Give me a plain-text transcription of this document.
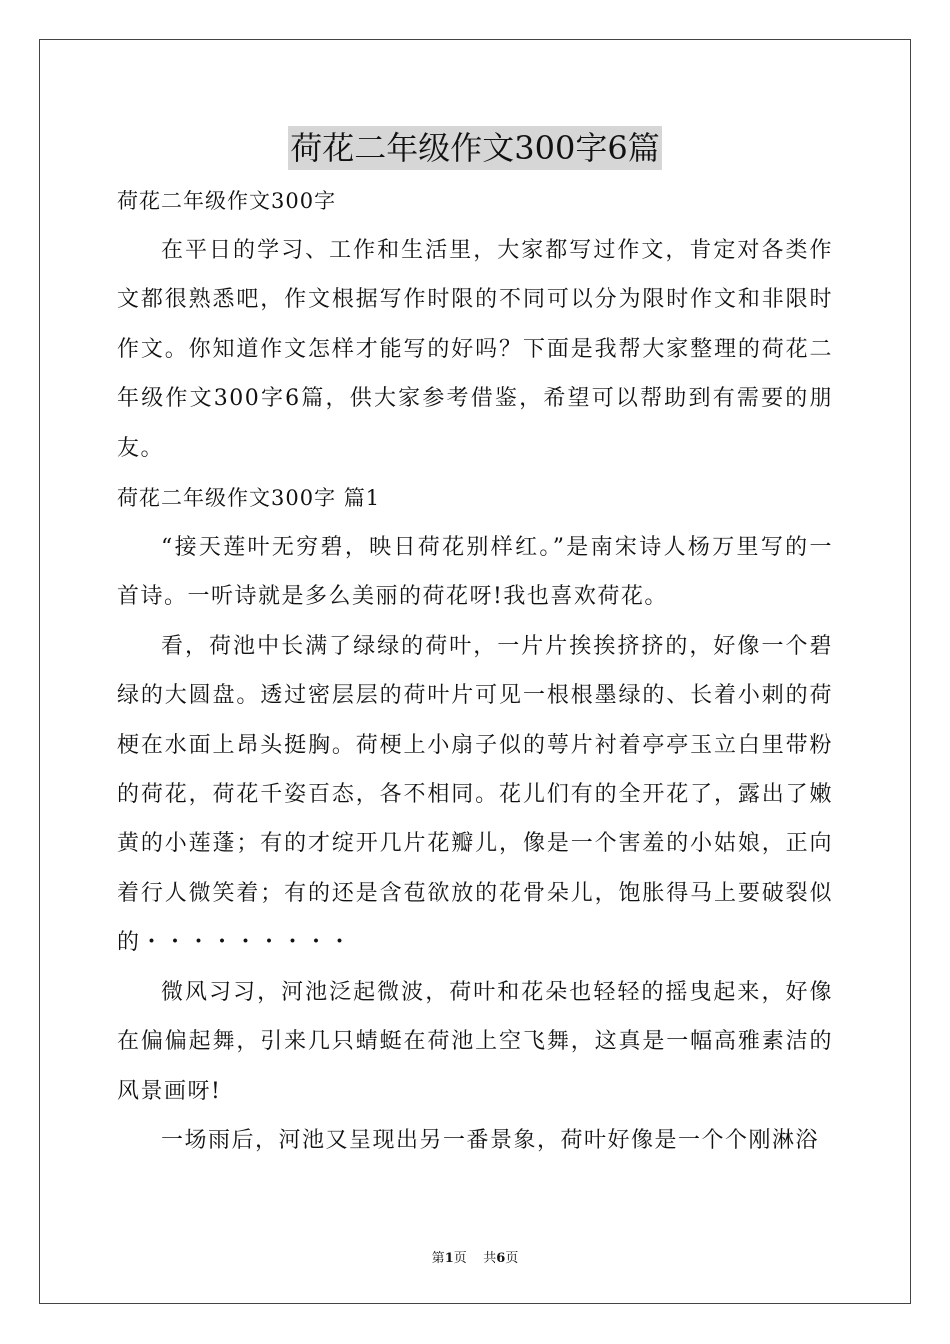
荷花二年级作文300字6篇

荷花二年级作文300字

在平日的学习、工作和生活里，大家都写过作文，肯定对各类作文都很熟悉吧，作文根据写作时限的不同可以分为限时作文和非限时作文。你知道作文怎样才能写的好吗？下面是我帮大家整理的荷花二年级作文300字6篇，供大家参考借鉴，希望可以帮助到有需要的朋友。

荷花二年级作文300字 篇1

“接天莲叶无穷碧，映日荷花别样红。”是南宋诗人杨万里写的一首诗。一听诗就是多么美丽的荷花呀!我也喜欢荷花。

看，荷池中长满了绿绿的荷叶，一片片挨挨挤挤的，好像一个碧绿的大圆盘。透过密层层的荷叶片可见一根根墨绿的、长着小刺的荷梗在水面上昂头挺胸。荷梗上小扇子似的萼片衬着亭亭玉立白里带粉的荷花，荷花千姿百态，各不相同。花儿们有的全开花了，露出了嫩黄的小莲蓬；有的才绽开几片花瓣儿，像是一个害羞的小姑娘，正向着行人微笑着；有的还是含苞欲放的花骨朵儿，饱胀得马上要破裂似的・・・・・・・・・

微风习习，河池泛起微波，荷叶和花朵也轻轻的摇曳起来，好像在偏偏起舞，引来几只蜻蜓在荷池上空飞舞，这真是一幅高雅素洁的风景画呀!

一场雨后，河池又呈现出另一番景象，荷叶好像是一个个刚淋浴

第1页    共6页
